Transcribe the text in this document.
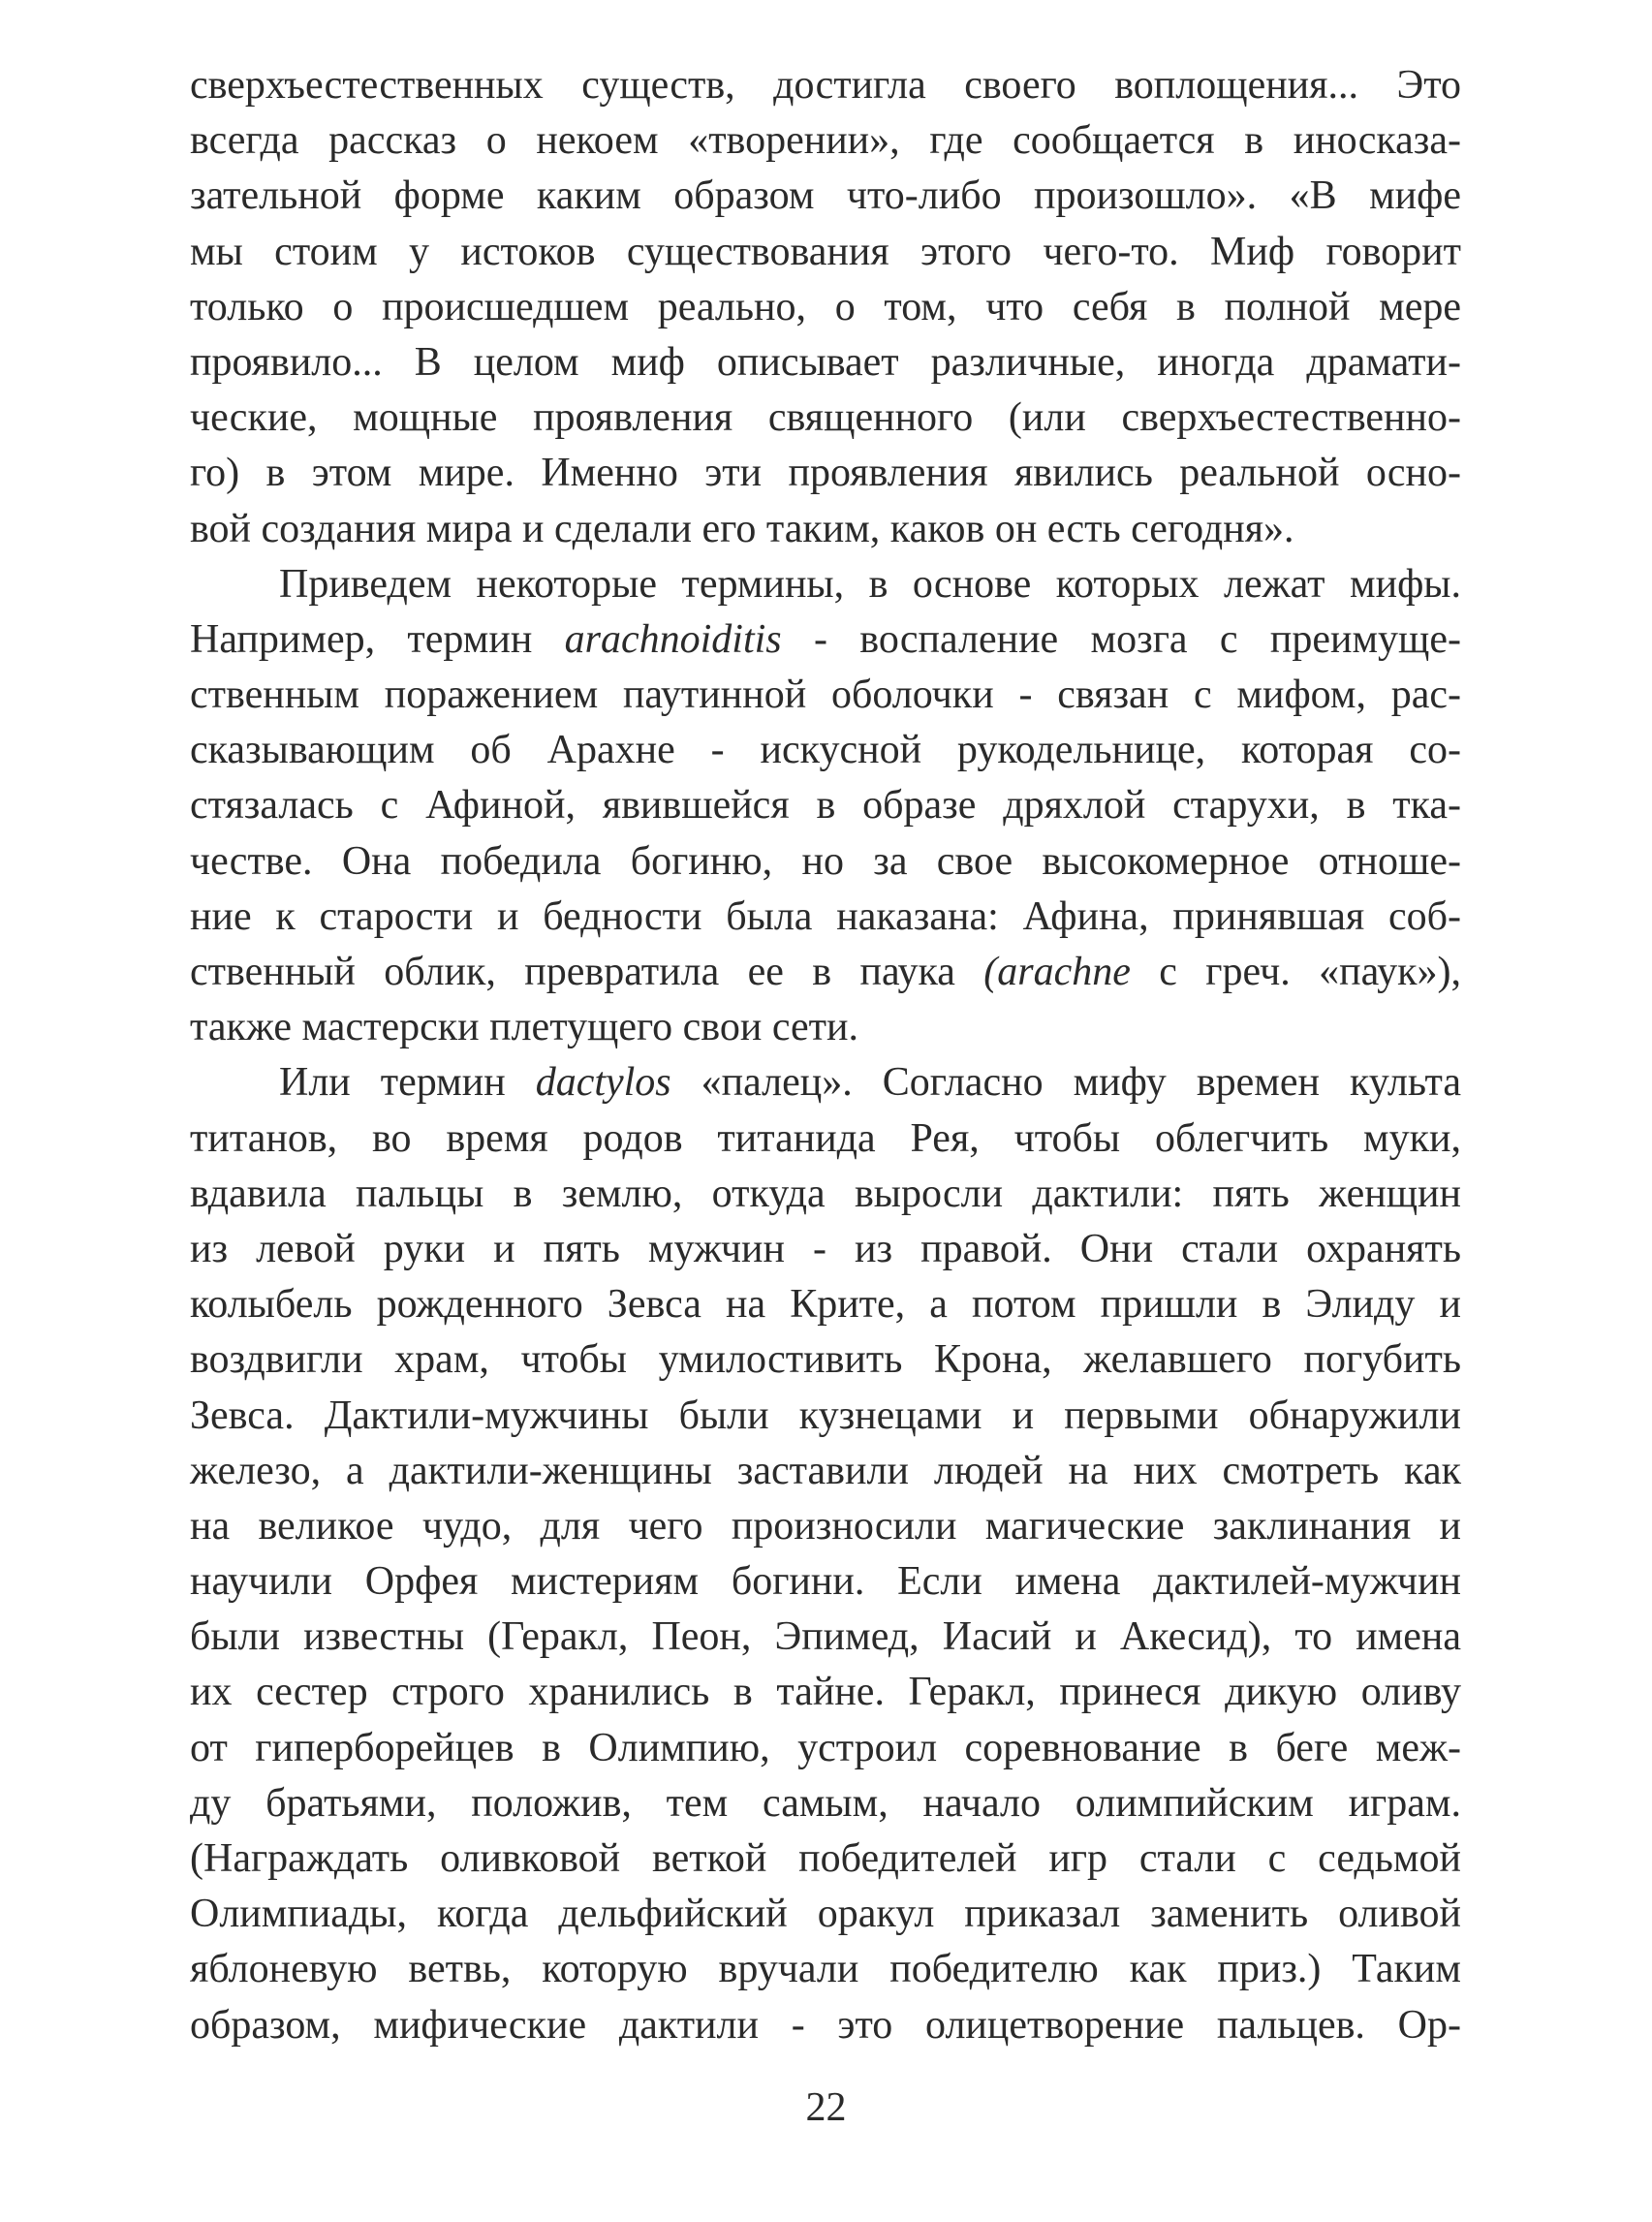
сверхъестественных существ, достигла своего воплощения... Это
всегда рассказ о некоем «творении», где сообщается в иносказа-
зательной форме каким образом что-либо произошло». «В мифе
мы стоим у истоков существования этого чего-то. Миф говорит
только о происшедшем реально, о том, что себя в полной мере
проявило... В целом миф описывает различные, иногда драмати-
ческие, мощные проявления священного (или сверхъестественно-
го) в этом мире. Именно эти проявления явились реальной осно-
вой создания мира и сделали его таким, каков он есть сегодня».
Приведем некоторые термины, в основе которых лежат мифы.
Например, термин arachnoiditis - воспаление мозга с преимуще-
ственным поражением паутинной оболочки - связан с мифом, рас-
сказывающим об Арахне - искусной рукодельнице, которая со-
стязалась с Афиной, явившейся в образе дряхлой старухи, в тка-
честве. Она победила богиню, но за свое высокомерное отноше-
ние к старости и бедности была наказана: Афина, принявшая соб-
ственный облик, превратила ее в паука (arachne с греч. «паук»),
также мастерски плетущего свои сети.
Или термин dactylos «палец». Согласно мифу времен культа
титанов, во время родов титанида Рея, чтобы облегчить муки,
вдавила пальцы в землю, откуда выросли дактили: пять женщин
из левой руки и пять мужчин - из правой. Они стали охранять
колыбель рожденного Зевса на Крите, а потом пришли в Элиду и
воздвигли храм, чтобы умилостивить Крона, желавшего погубить
Зевса. Дактили-мужчины были кузнецами и первыми обнаружили
железо, а дактили-женщины заставили людей на них смотреть как
на великое чудо, для чего произносили магические заклинания и
научили Орфея мистериям богини. Если имена дактилей-мужчин
были известны (Геракл, Пеон, Эпимед, Иасий и Акесид), то имена
их сестер строго хранились в тайне. Геракл, принеся дикую оливу
от гиперборейцев в Олимпию, устроил соревнование в беге меж-
ду братьями, положив, тем самым, начало олимпийским играм.
(Награждать оливковой веткой победителей игр стали с седьмой
Олимпиады, когда дельфийский оракул приказал заменить оливой
яблоневую ветвь, которую вручали победителю как приз.) Таким
образом, мифические дактили - это олицетворение пальцев. Ор-
22
